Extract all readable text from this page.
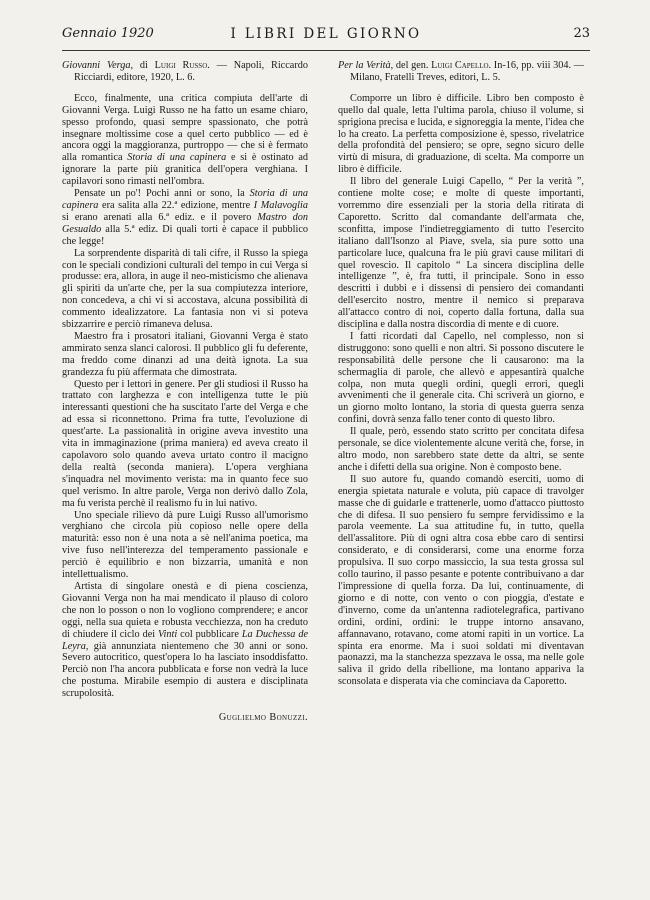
Gennaio 1920	I LIBRI DEL GIORNO	23

Giovanni Verga, di Luigi Russo. — Napoli, Riccardo Ricciardi, editore, 1920, L. 6.

Ecco, finalmente, una critica compiuta dell'arte di Giovanni Verga. Luigi Russo ne ha fatto un esame chiaro, spesso profondo, quasi sempre spassionato, che potrà insegnare moltissime cose a quel certo pubblico — ed è ancora oggi la maggioranza, purtroppo — che si è fermato alla romantica Storia di una capinera e si è ostinato ad ignorare la parte più granitica dell'opera verghiana. I capilavori sono rimasti nell'ombra.

Pensate un po'! Pochi anni or sono, la Storia di una capinera era salita alla 22.ª edizione, mentre I Malavoglia si erano arenati alla 6.ª ediz. e il povero Mastro don Gesualdo alla 5.ª ediz. Di quali torti è capace il pubblico che legge!

La sorprendente disparità di tali cifre, il Russo la spiega con le speciali condizioni culturali del tempo in cui Verga si produsse: era, allora, in auge il neo-misticismo che alienava gli spiriti da un'arte che, per la sua compiutezza interiore, non concedeva, a chi vi si accostava, alcuna possibilità di commento idealizzatore. La fantasia non vi si poteva sbizzarrire e perciò rimaneva delusa.

Maestro fra i prosatori italiani, Giovanni Verga è stato ammirato senza slanci calorosi. Il pubblico gli fu deferente, ma freddo come dinanzi ad una deità ignota. La sua grandezza fu più affermata che dimostrata.

Questo per i lettori in genere. Per gli studiosi il Russo ha trattato con larghezza e con intelligenza tutte le più interessanti questioni che ha suscitato l'arte del Verga e che ad essa si riconnettono. Prima fra tutte, l'evoluzione di quest'arte. La passionalità in origine aveva investito una vita in immaginazione (prima maniera) ed aveva creato il capolavoro solo quando aveva urtato contro il macigno della realtà (seconda maniera). L'opera verghiana s'inquadra nel movimento verista: ma in quanto fece suo quel verismo. In altre parole, Verga non derivò dallo Zola, ma fu verista perchè il realismo fu in lui nativo.

Uno speciale rilievo dà pure Luigi Russo all'umorismo verghiano che circola più copioso nelle opere della maturità: esso non è una nota a sè nell'anima poetica, ma vive fuso nell'interezza del temperamento passionale e perciò è equilibrio e non bizzarria, umanità e non intellettualismo.

Artista di singolare onestà e di piena coscienza, Giovanni Verga non ha mai mendicato il plauso di coloro che non lo posson o non lo vogliono comprendere; e ancor oggi, nella sua quieta e robusta vecchiezza, non ha creduto di chiudere il ciclo dei Vinti col pubblicare La Duchessa de Leyra, già annunziata nientemeno che 30 anni or sono. Severo autocritico, quest'opera lo ha lasciato insoddisfatto. Perciò non l'ha ancora pubblicata e forse non vedrà la luce che postuma. Mirabile esempio di austera e disciplinata scrupolosità.

Guglielmo Bonuzzi.

Per la Verità, del gen. Luigi Capello. In-16, pp. viii 304. — Milano, Fratelli Treves, editori, L. 5.

Comporre un libro è difficile. Libro ben composto è quello dal quale, letta l'ultima parola, chiuso il volume, si sprigiona precisa e lucida, e signoreggia la mente, l'idea che lo ha creato. La perfetta composizione è, spesso, rivelatrice della profondità del pensiero; se opre, segno sicuro delle virtù di misura, di graduazione, di scelta. Ma comporre un libro è difficile.

Il libro del generale Luigi Capello, “ Per la verità ”, contiene molte cose; e molte di queste importanti, vorremmo dire essenziali per la storia della ritirata di Caporetto. Scritto dal comandante dell'armata che, sconfitta, impose l'indietreggiamento di tutto l'esercito italiano dall'Isonzo al Piave, svela, sia pure sotto una particolare luce, qualcuna fra le più gravi cause militari di quel rovescio. Il capitolo “ La sincera disciplina delle intelligenze ”, è, fra tutti, il principale. Sono in esso descritti i dubbi e i dissensi di pensiero dei comandanti dell'esercito nostro, mentre il nemico si preparava all'attacco contro di noi, coperto dalla fortuna, dalla sua disciplina e dalla nostra discordia di mente e di cuore.

I fatti ricordati dal Capello, nel complesso, non si distruggono: sono quelli e non altri. Si possono discutere le responsabilità delle persone che li causarono: ma la schermaglia di parole, che allevò e appesantirà qualche colpa, non muta quegli ordini, quegli errori, quegli avvenimenti che il generale cita. Chi scriverà un giorno, e un giorno molto lontano, la storia di questa guerra senza confini, dovrà senza fallo tener conto di questo libro.

Il quale, però, essendo stato scritto per concitata difesa personale, se dice violentemente alcune verità che, forse, in altro modo, non sarebbero state dette da altri, se sente anche i difetti della sua origine. Non è composto bene.

Il suo autore fu, quando comandò eserciti, uomo di energia spietata naturale e voluta, più capace di travolger masse che di guidarle e trattenerle, uomo d'attacco piuttosto che di difesa. Il suo pensiero fu sempre fervidissimo e la parola veemente. La sua attitudine fu, in tutto, quella dell'assalitore. Più di ogni altra cosa ebbe caro di sentirsi considerato, e di considerarsi, come una enorme forza propulsiva. Il suo corpo massiccio, la sua testa grossa sul collo taurino, il passo pesante e potente contribuivano a dar l'impressione di quella forza. Da lui, continuamente, di giorno e di notte, con vento o con pioggia, d'estate e d'inverno, come da un'antenna radiotelegrafica, partivano ordini, ordini, ordini: le truppe intorno ansavano, affannavano, rotavano, come atomi rapiti in un vortice. La spinta era enorme. Ma i suoi soldati mi diventavan paonazzi, ma la stanchezza spezzava le ossa, ma nelle gole saliva il grido della ribellione, ma lontano appariva la sconsolata e disperata via che cominciava da Caporetto.
